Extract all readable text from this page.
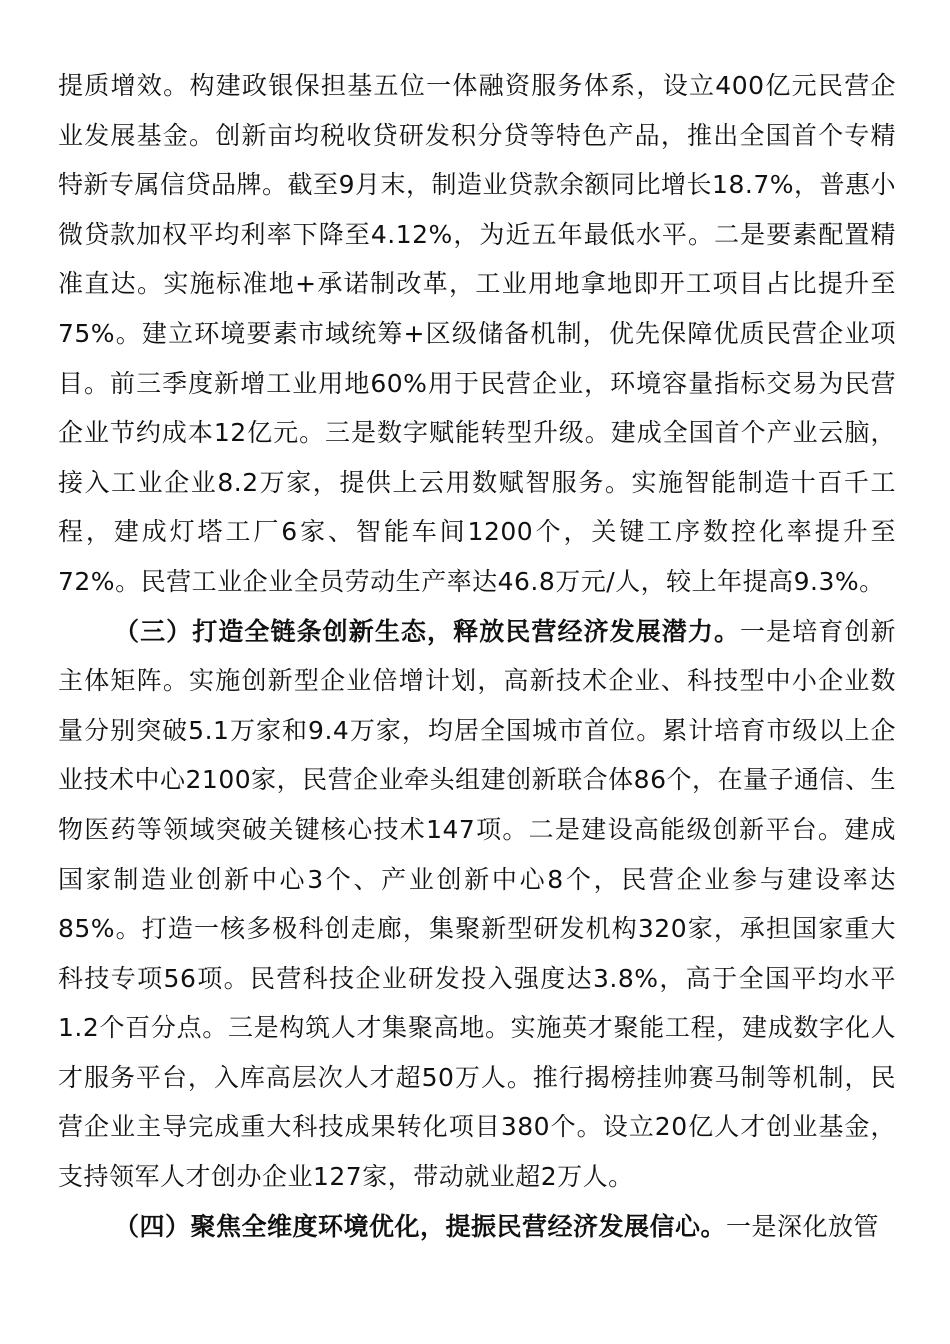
提质增效。构建政银保担基五位一体融资服务体系，设立400亿元民营企业发展基金。创新亩均税收贷研发积分贷等特色产品，推出全国首个专精特新专属信贷品牌。截至9月末，制造业贷款余额同比增长18.7%，普惠小微贷款加权平均利率下降至4.12%，为近五年最低水平。二是要素配置精准直达。实施标准地+承诺制改革，工业用地拿地即开工项目占比提升至75%。建立环境要素市域统筹+区级储备机制，优先保障优质民营企业项目。前三季度新增工业用地60%用于民营企业，环境容量指标交易为民营企业节约成本12亿元。三是数字赋能转型升级。建成全国首个产业云脑，接入工业企业8.2万家，提供上云用数赋智服务。实施智能制造十百千工程，建成灯塔工厂6家、智能车间1200个，关键工序数控化率提升至72%。民营工业企业全员劳动生产率达46.8万元/人，较上年提高9.3%。

（三）打造全链条创新生态，释放民营经济发展潜力。一是培育创新主体矩阵。实施创新型企业倍增计划，高新技术企业、科技型中小企业数量分别突破5.1万家和9.4万家，均居全国城市首位。累计培育市级以上企业技术中心2100家，民营企业牵头组建创新联合体86个，在量子通信、生物医药等领域突破关键核心技术147项。二是建设高能级创新平台。建成国家制造业创新中心3个、产业创新中心8个，民营企业参与建设率达85%。打造一核多极科创走廊，集聚新型研发机构320家，承担国家重大科技专项56项。民营科技企业研发投入强度达3.8%，高于全国平均水平1.2个百分点。三是构筑人才集聚高地。实施英才聚能工程，建成数字化人才服务平台，入库高层次人才超50万人。推行揭榜挂帅赛马制等机制，民营企业主导完成重大科技成果转化项目380个。设立20亿人才创业基金，支持领军人才创办企业127家，带动就业超2万人。

（四）聚焦全维度环境优化，提振民营经济发展信心。一是深化放管
